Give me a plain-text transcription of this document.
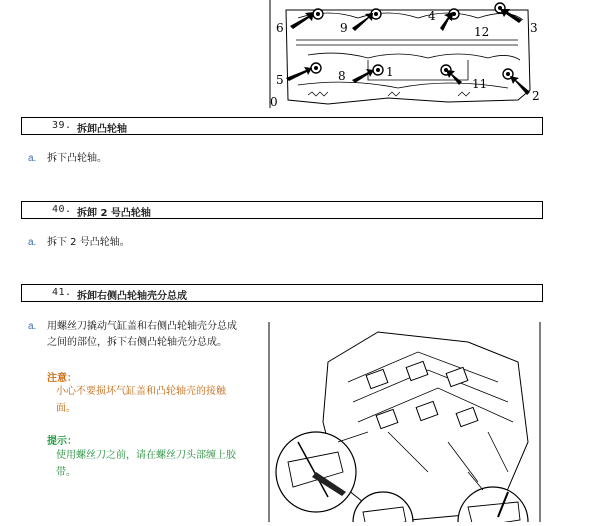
6	9
4
12	3
5	8	1
11
2
0
39. 拆卸凸轮轴
a. 拆下凸轮轴。
40. 拆卸 2 号凸轮轴
a. 拆下 2 号凸轮轴。
41. 拆卸右侧凸轮轴壳分总成
a. 用螺丝刀撬动气缸盖和右侧凸轮轴壳分总成
之间的部位，拆下右侧凸轮轴壳分总成。
注意：
小心不要损坏气缸盖和凸轮轴壳的接触
面。
提示：
使用螺丝刀之前，请在螺丝刀头部缠上胶
带。
